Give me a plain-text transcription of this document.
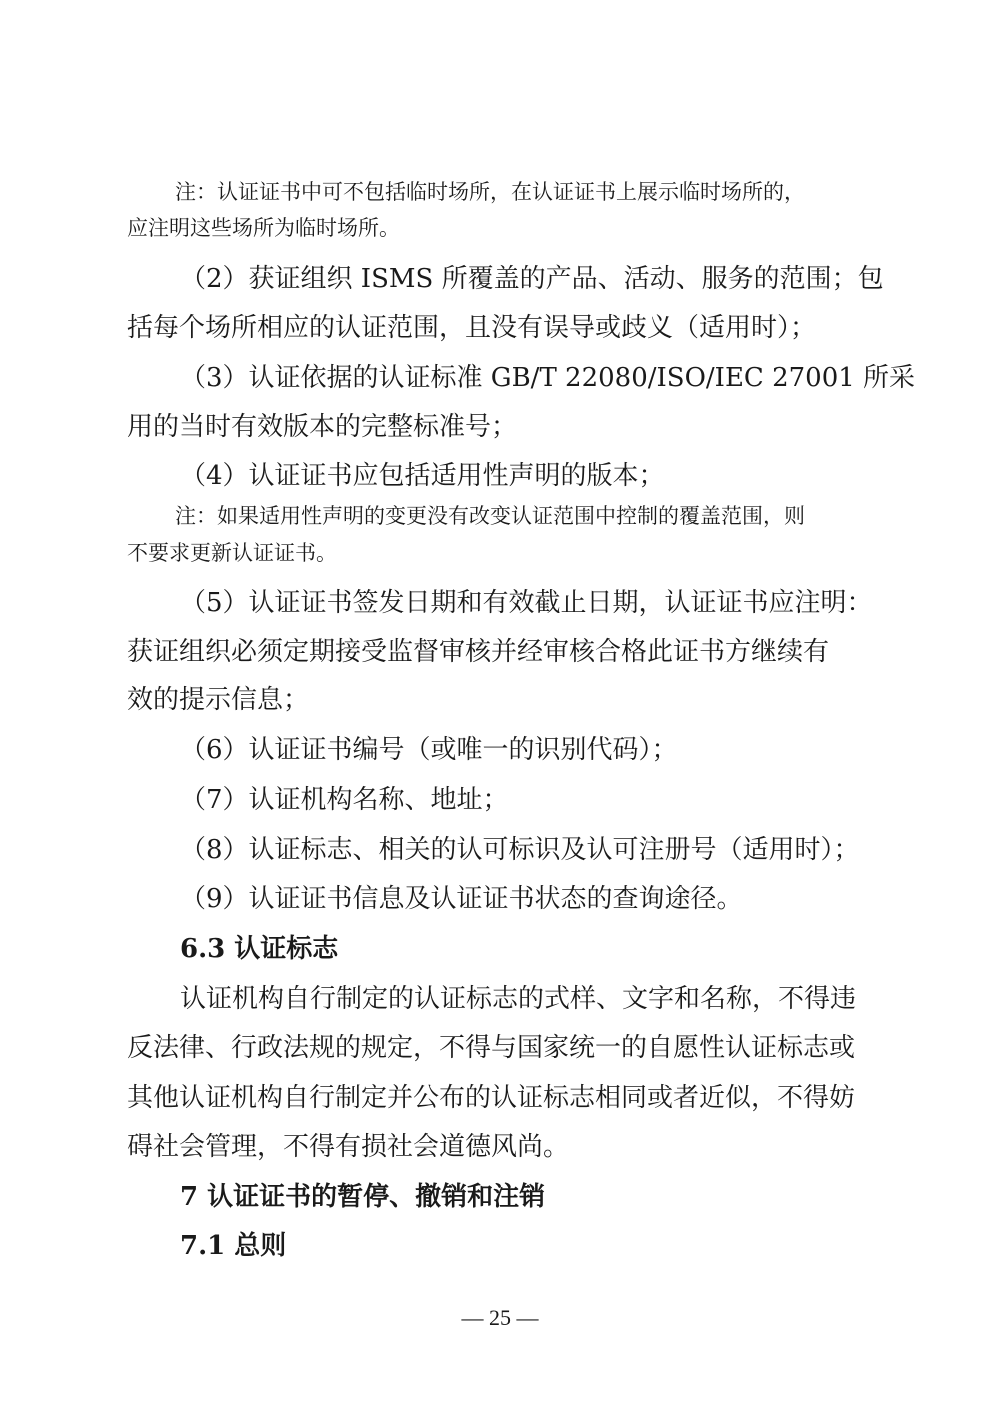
注：认证证书中可不包括临时场所，在认证证书上展示临时场所的，
应注明这些场所为临时场所。
（2）获证组织 ISMS 所覆盖的产品、活动、服务的范围；包
括每个场所相应的认证范围，且没有误导或歧义（适用时）；
（3）认证依据的认证标准 GB/T 22080/ISO/IEC 27001 所采
用的当时有效版本的完整标准号；
（4）认证证书应包括适用性声明的版本；
注：如果适用性声明的变更没有改变认证范围中控制的覆盖范围，则
不要求更新认证证书。
（5）认证证书签发日期和有效截止日期，认证证书应注明：
获证组织必须定期接受监督审核并经审核合格此证书方继续有
效的提示信息；
（6）认证证书编号（或唯一的识别代码）；
（7）认证机构名称、地址；
（8）认证标志、相关的认可标识及认可注册号（适用时）；
（9）认证证书信息及认证证书状态的查询途径。
6.3 认证标志
认证机构自行制定的认证标志的式样、文字和名称，不得违
反法律、行政法规的规定，不得与国家统一的自愿性认证标志或
其他认证机构自行制定并公布的认证标志相同或者近似，不得妨
碍社会管理，不得有损社会道德风尚。
7 认证证书的暂停、撤销和注销
7.1 总则
— 25 —
